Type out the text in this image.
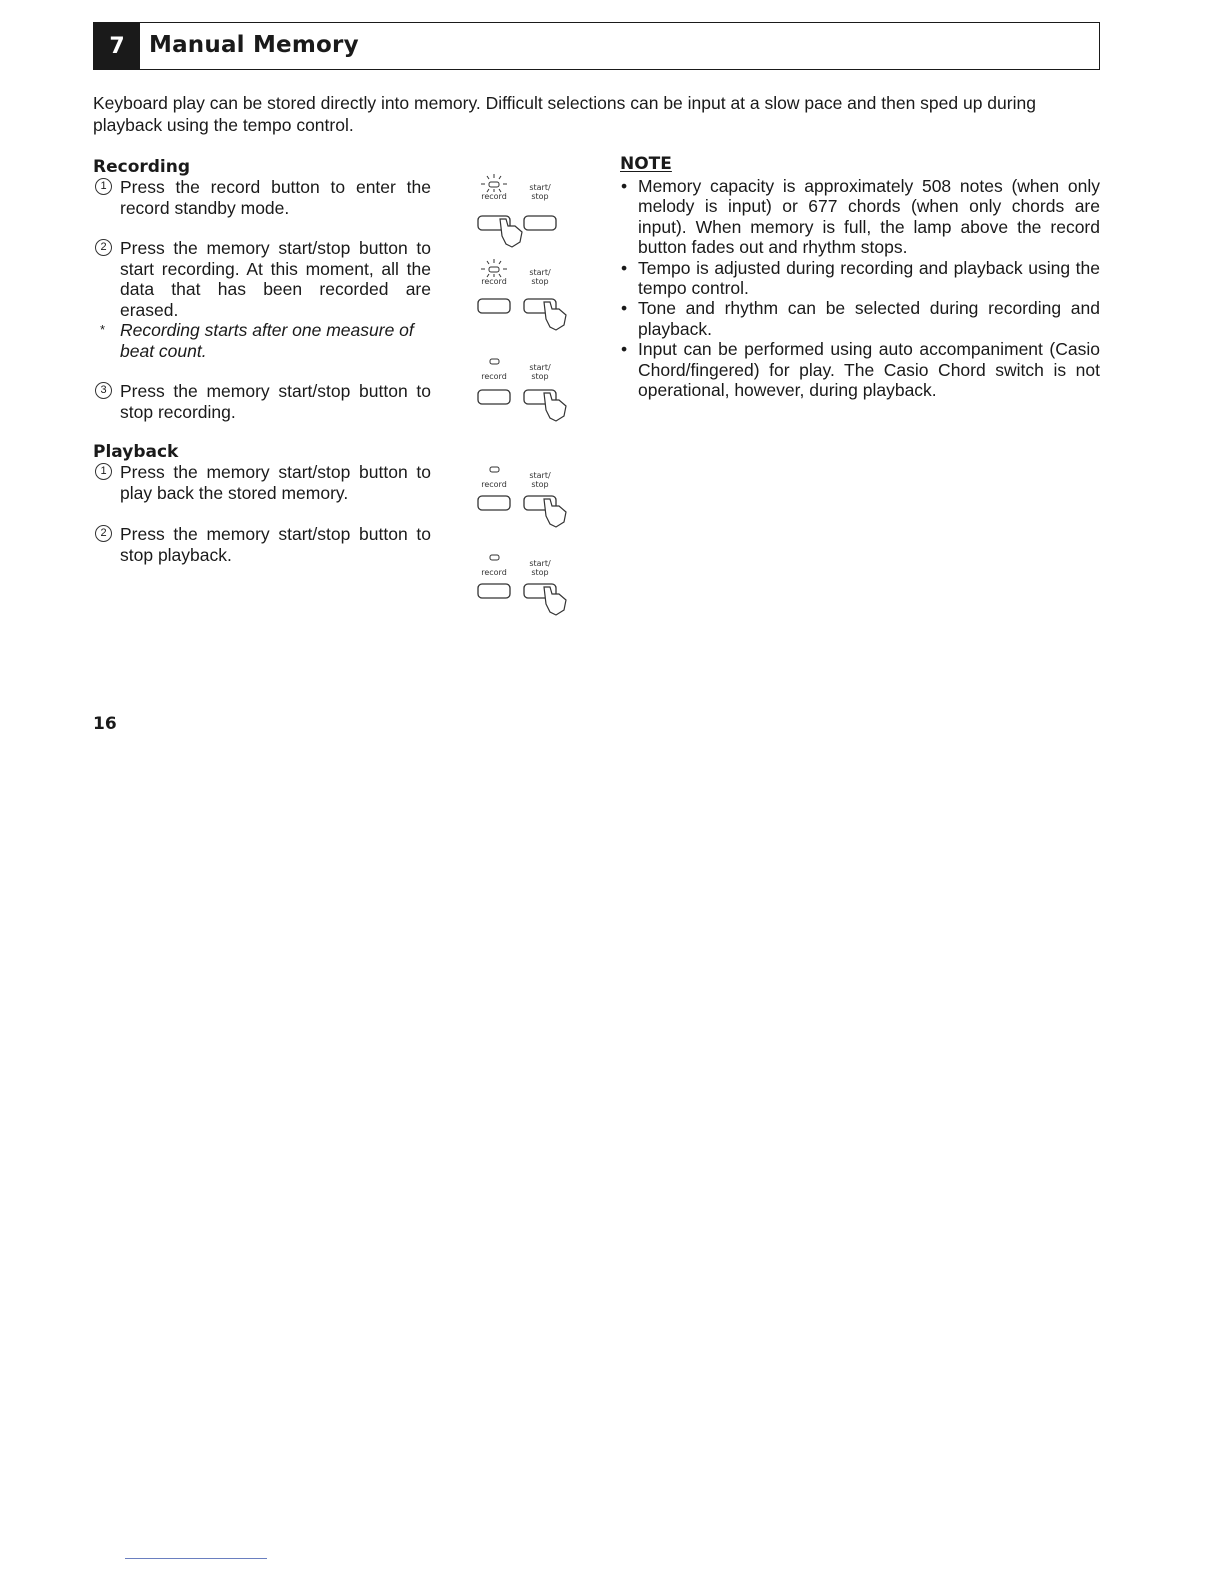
7	Manual Memory

Keyboard play can be stored directly into memory. Difficult selections can be input at a slow pace and then sped up during playback using the tempo control.

Recording
1 Press the record button to enter the record standby mode.
2 Press the memory start/stop button to start recording. At this moment, all the data that has been recorded are erased.
* Recording starts after one measure of beat count.
3 Press the memory start/stop button to stop recording.
Playback
1 Press the memory start/stop button to play back the stored memory.
2 Press the memory start/stop button to stop playback.
record
start/
stop
record
start/
stop
record
start/
stop
record
start/
stop
record
start/
stop
NOTE
• Memory capacity is approximately 508 notes (when only melody is input) or 677 chords (when only chords are input). When memory is full, the lamp above the record button fades out and rhythm stops.
• Tempo is adjusted during recording and playback using the tempo control.
• Tone and rhythm can be selected during recording and playback.
• Input can be performed using auto accompaniment (Casio Chord/fingered) for play. The Casio Chord switch is not operational, however, during playback.
16
